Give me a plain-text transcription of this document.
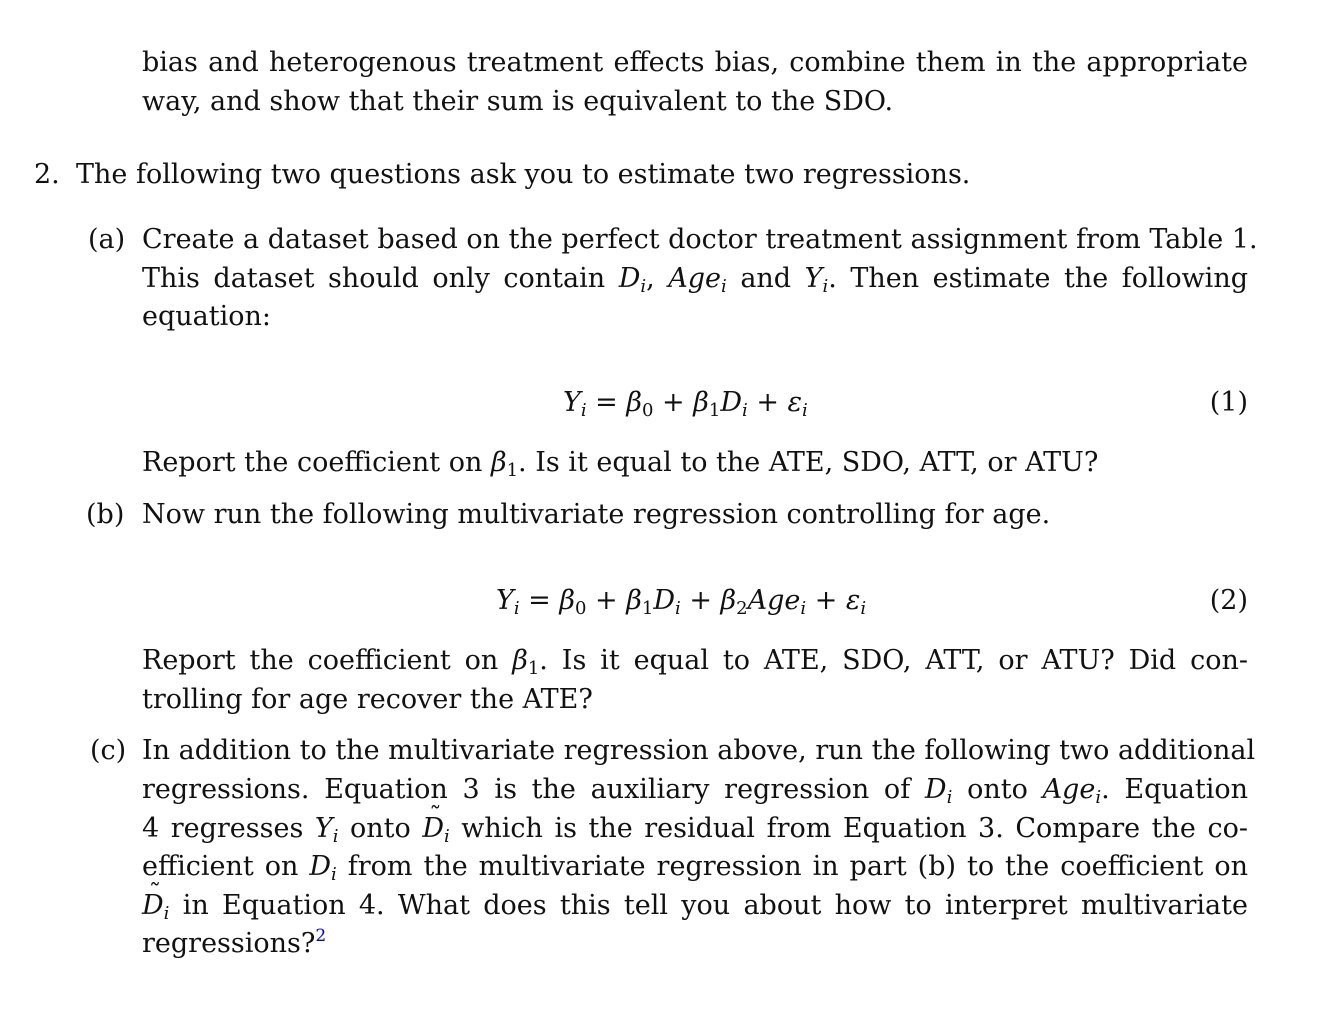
bias and heterogenous treatment effects bias, combine them in the appropriate
way, and show that their sum is equivalent to the SDO.
2. The following two questions ask you to estimate two regressions.
(a) Create a dataset based on the perfect doctor treatment assignment from Table 1.
This dataset should only contain $D_i$, Age$_i$ and $Y_i$. Then estimate the following
equation:
$Y_i = \beta_0 + \beta_1D_i + \varepsilon_i$	(1)
Report the coefficient on $\beta_1$. Is it equal to the ATE, SDO, ATT, or ATU?
(b) Now run the following multivariate regression controlling for age.
$Y_i = \beta_0 + \beta_1D_i + \beta_2Age_i + \varepsilon_i$	(2)
Report the coefficient on $\beta_1$. Is it equal to ATE, SDO, ATT, or ATU? Did con-
trolling for age recover the ATE?
(c) In addition to the multivariate regression above, run the following two additional
regressions. Equation 3 is the auxiliary regression of $D_i$ onto Age$_i$. Equation
4 regresses $Y_i$ onto ˜ $D_i$ which is the residual from Equation 3. Compare the co-
efficient on $D_i$ from the multivariate regression in part (b) to the coefficient on
˜ $D_i$ in Equation 4. What does this tell you about how to interpret multivariate
regressions?$^2$
